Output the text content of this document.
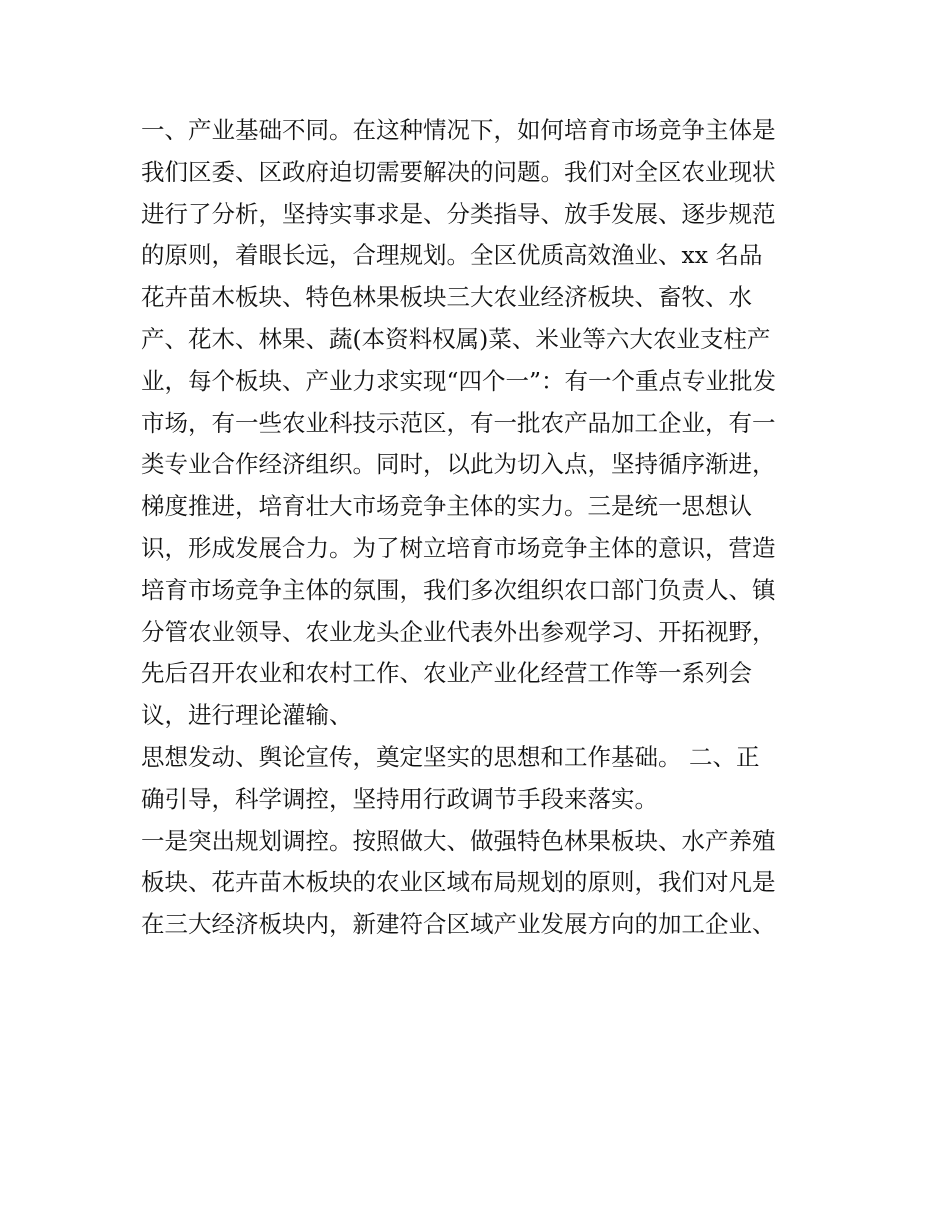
一、产业基础不同。在这种情况下，如何培育市场竞争主体是
我们区委、区政府迫切需要解决的问题。我们对全区农业现状
进行了分析，坚持实事求是、分类指导、放手发展、逐步规范
的原则，着眼长远，合理规划。全区优质高效渔业、xx 名品
花卉苗木板块、特色林果板块三大农业经济板块、畜牧、水
产、花木、林果、蔬(本资料权属)菜、米业等六大农业支柱产
业，每个板块、产业力求实现“四个一”：有一个重点专业批发
市场，有一些农业科技示范区，有一批农产品加工企业，有一
类专业合作经济组织。同时，以此为切入点，坚持循序渐进，
梯度推进，培育壮大市场竞争主体的实力。三是统一思想认
识，形成发展合力。为了树立培育市场竞争主体的意识，营造
培育市场竞争主体的氛围，我们多次组织农口部门负责人、镇
分管农业领导、农业龙头企业代表外出参观学习、开拓视野，
先后召开农业和农村工作、农业产业化经营工作等一系列会
议，进行理论灌输、
思想发动、舆论宣传，奠定坚实的思想和工作基础。 二、正
确引导，科学调控，坚持用行政调节手段来落实。
一是突出规划调控。按照做大、做强特色林果板块、水产养殖
板块、花卉苗木板块的农业区域布局规划的原则，我们对凡是
在三大经济板块内，新建符合区域产业发展方向的加工企业、
